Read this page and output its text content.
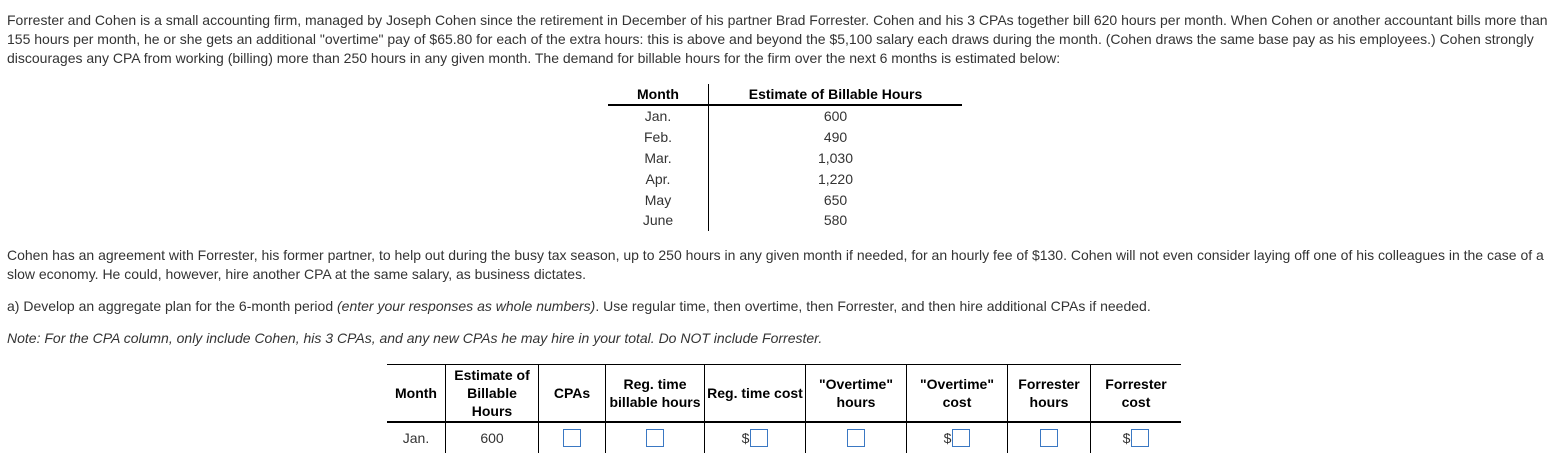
Forrester and Cohen is a small accounting firm, managed by Joseph Cohen since the retirement in December of his partner Brad Forrester. Cohen and his 3 CPAs together bill 620 hours per month. When Cohen or another accountant bills more than 155 hours per month, he or she gets an additional "overtime" pay of $65.80 for each of the extra hours: this is above and beyond the $5,100 salary each draws during the month. (Cohen draws the same base pay as his employees.) Cohen strongly discourages any CPA from working (billing) more than 250 hours in any given month. The demand for billable hours for the firm over the next 6 months is estimated below:

Month	Estimate of Billable Hours
Jan.	600
Feb.	490
Mar.	1,030
Apr.	1,220
May	650
June	580

Cohen has an agreement with Forrester, his former partner, to help out during the busy tax season, up to 250 hours in any given month if needed, for an hourly fee of $130. Cohen will not even consider laying off one of his colleagues in the case of a slow economy. He could, however, hire another CPA at the same salary, as business dictates.

a) Develop an aggregate plan for the 6-month period (enter your responses as whole numbers). Use regular time, then overtime, then Forrester, and then hire additional CPAs if needed.

Note: For the CPA column, only include Cohen, his 3 CPAs, and any new CPAs he may hire in your total. Do NOT include Forrester.

Month	Estimate of Billable Hours	CPAs	Reg. time billable hours	Reg. time cost	"Overtime" hours	"Overtime" cost	Forrester hours	Forrester cost
Jan.	600			$		$		$
